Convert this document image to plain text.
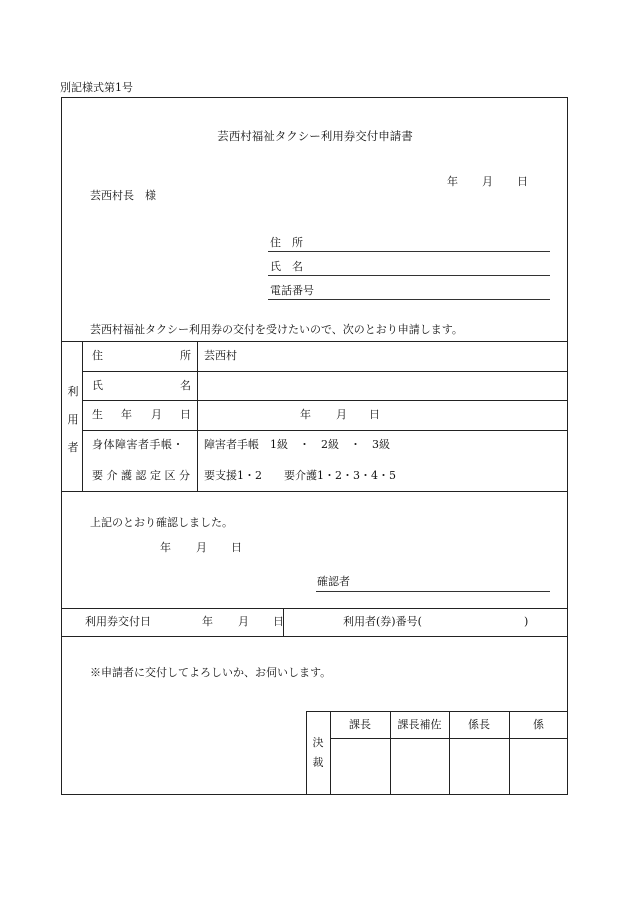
別記様式第1号
芸西村福祉タクシー利用券交付申請書
年 月 日
芸西村長　様
住　所
氏　名
電話番号
芸西村福祉タクシー利用券の交付を受けたいので、次のとおり申請します。
利
用
者
住	所 芸西村
氏	名
生 年 月 日	年 月 日
身体障害者手帳・ 障害者手帳　1級　・　2級　・　3級
要介護認定区分 要支援1・2　　要介護1・2・3・4・5
上記のとおり確認しました。
年 月 日
確認者
利用券交付日	年 月 日	利用者(券)番号(	)
※申請者に交付してよろしいか、お伺いします。
決
裁
課長	課長補佐	係長	係
